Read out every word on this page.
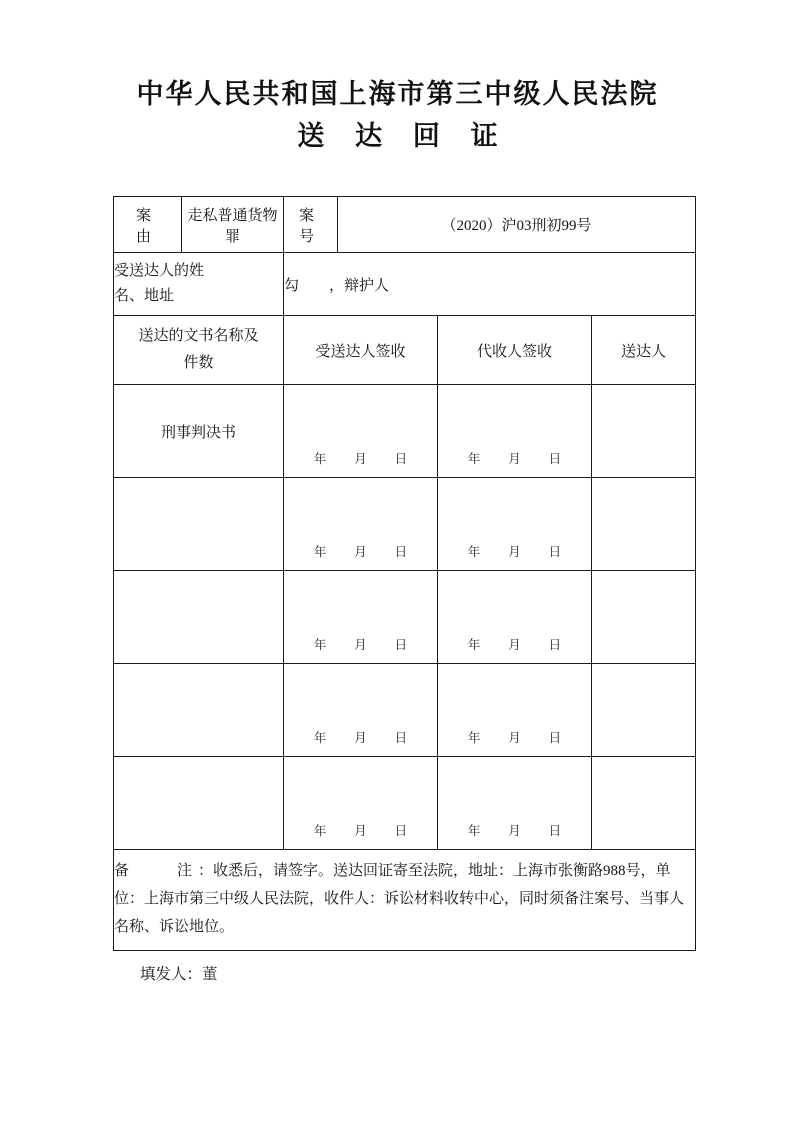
中华人民共和国上海市第三中级人民法院
送 达 回 证
案　由	走私普通货物罪	案　号	（2020）沪03刑初99号		

受送达人的姓
名、地址		勾　　，辩护人			

送达的文书名称及
件数		受送达人签收		代收人签收	送达人
刑事判决书		年 月 日		年 月 日	

		年 月 日		年 月 日	

		年 月 日		年 月 日	

		年 月 日		年 月 日	

		年 月 日		年 月 日	

备　　注：收悉后，请签字。送达回证寄至法院，地址：上海市张衡路988号，单位：上海市第三中级人民法院，收件人：诉讼材料收转中心，同时须备注案号、当事人名称、诉讼地位。					
填发人：董
